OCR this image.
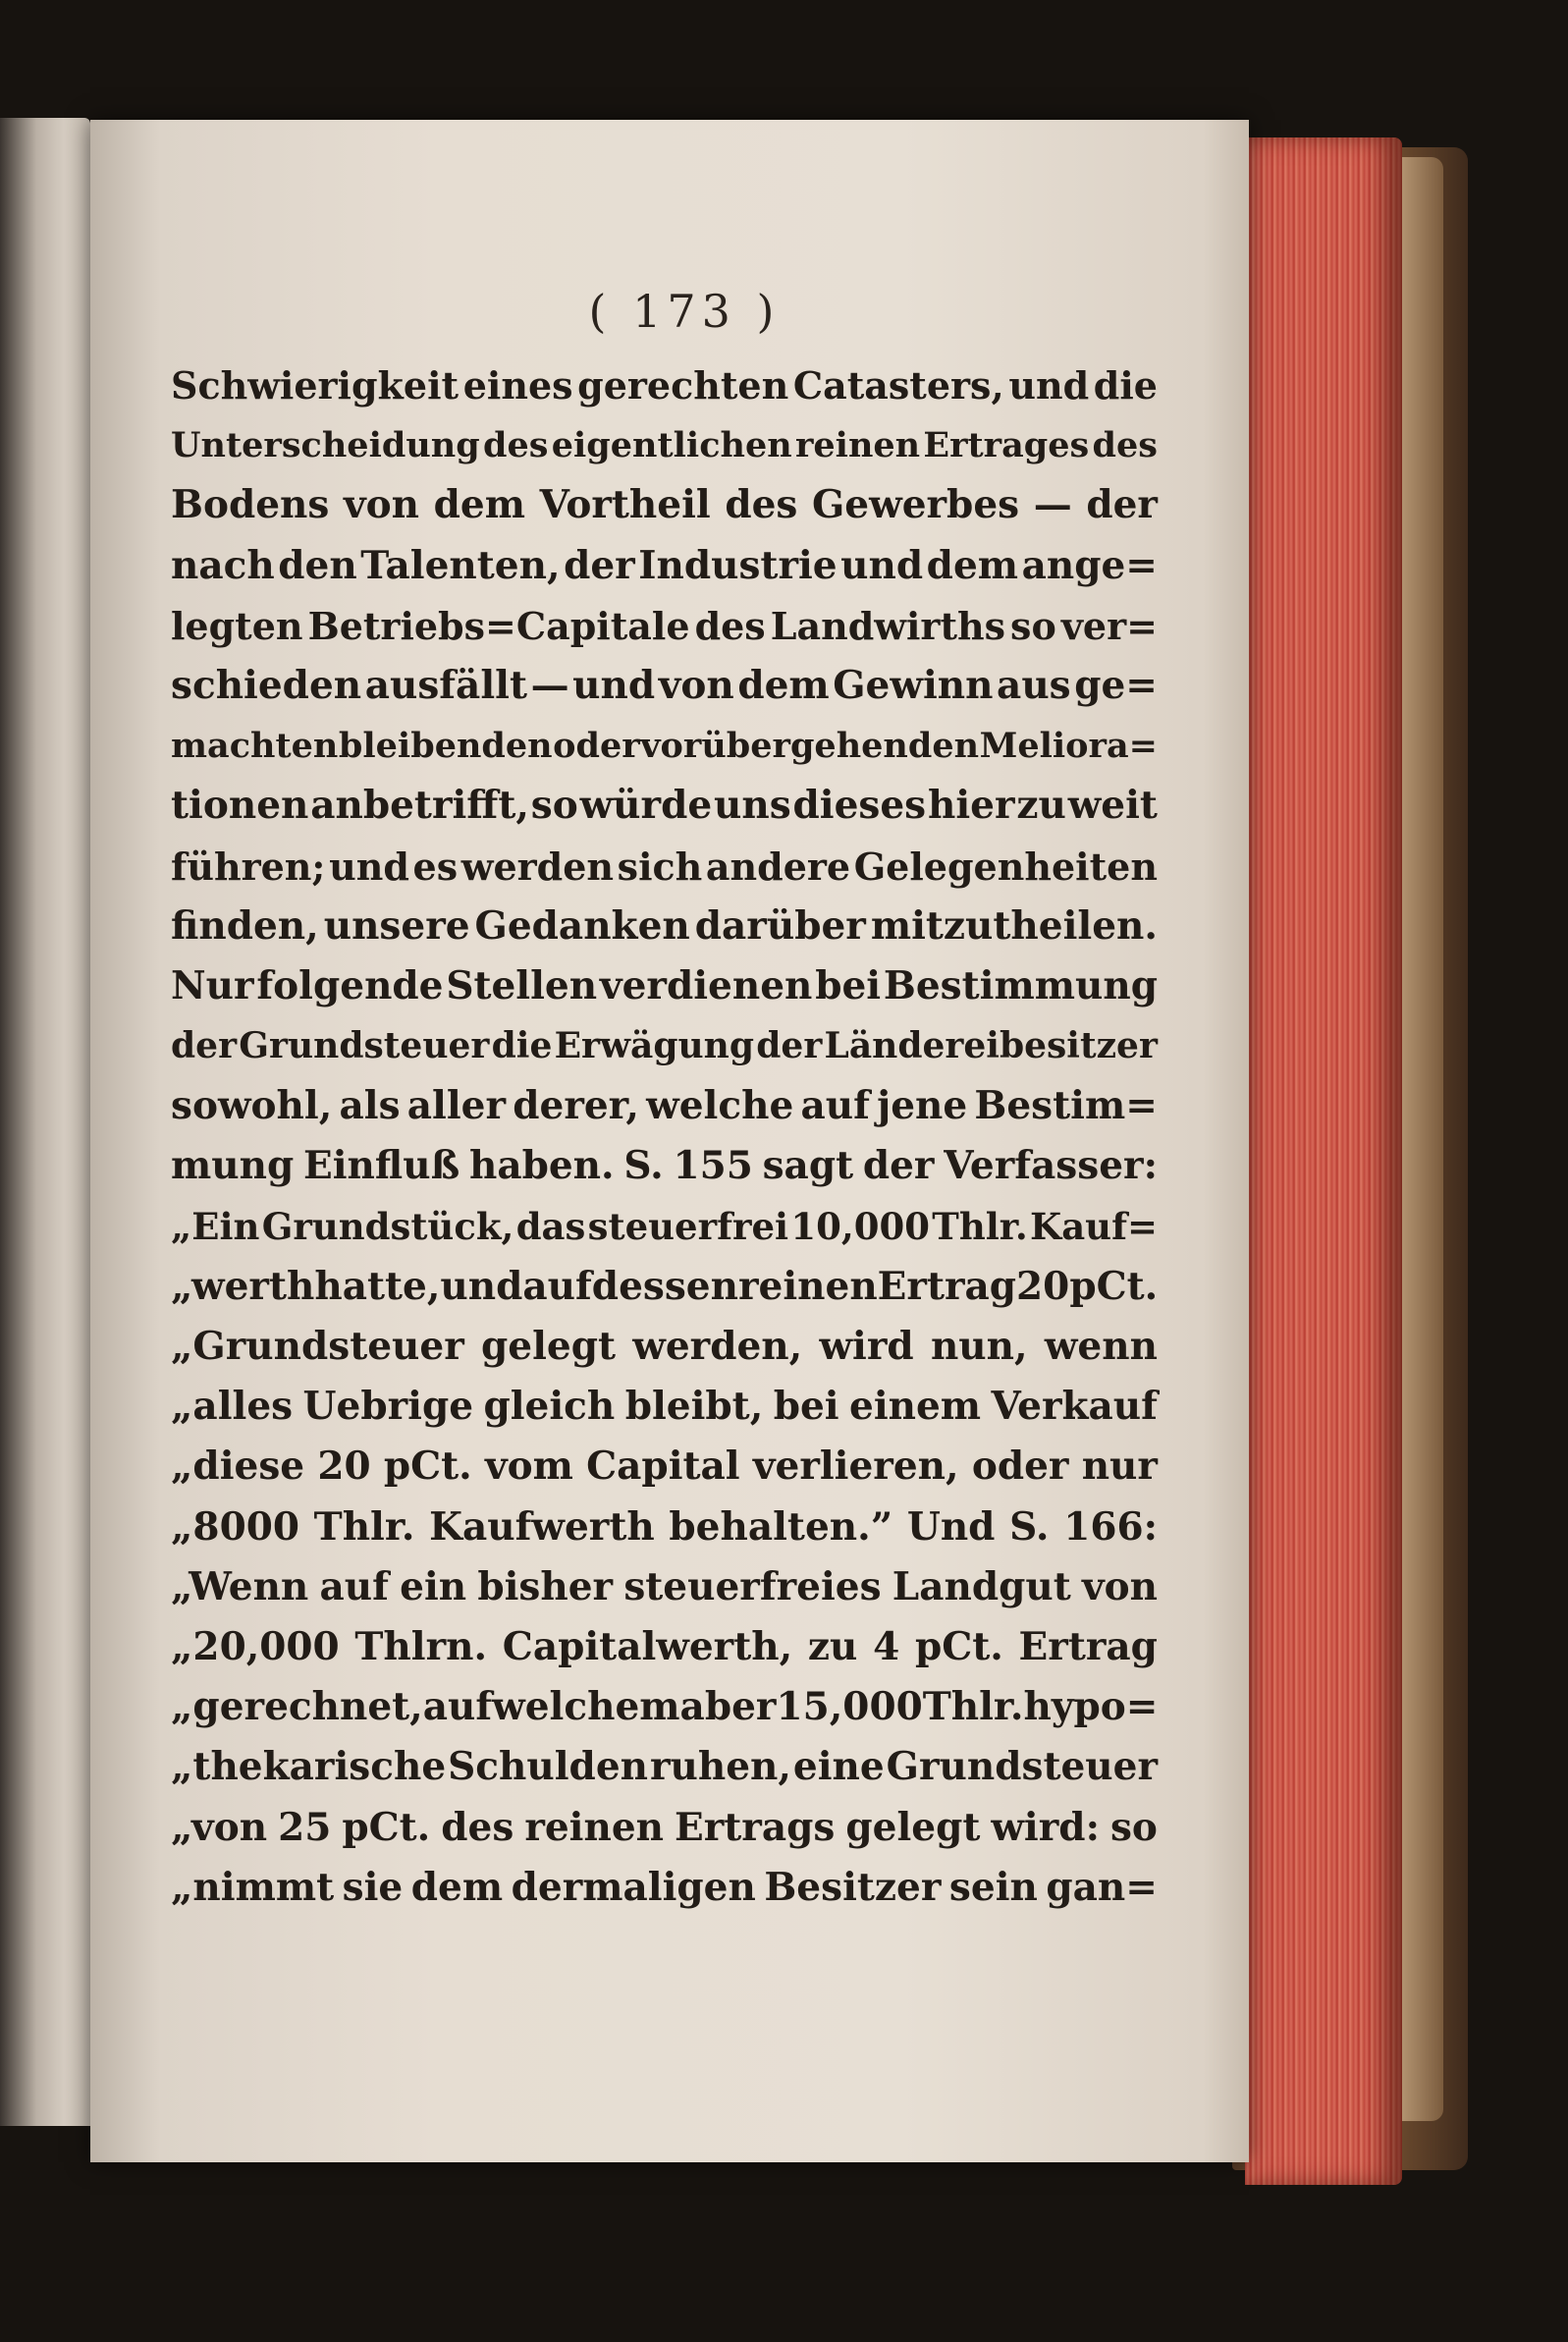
( 173 )
Schwierigkeit eines gerechten Catasters, und die
Unterscheidung des eigentlichen reinen Ertrages des
Bodens von dem Vortheil des Gewerbes — der
nach den Talenten, der Industrie und dem ange=
legten Betriebs=Capitale des Landwirths so ver=
schieden ausfällt — und von dem Gewinn aus ge=
machten bleibenden oder vorübergehenden Meliora=
tionen anbetrifft, so würde uns dieses hier zu weit
führen; und es werden sich andere Gelegenheiten
finden, unsere Gedanken darüber mitzutheilen.
Nur folgende Stellen verdienen bei Bestimmung
der Grundsteuer die Erwägung der Ländereibesitzer
sowohl, als aller derer, welche auf jene Bestim=
mung Einfluß haben. S. 155 sagt der Verfasser:
„Ein Grundstück, das steuerfrei 10,000 Thlr. Kauf=
„werth hatte, und auf dessen reinen Ertrag 20 pCt.
„Grundsteuer gelegt werden, wird nun, wenn
„alles Uebrige gleich bleibt, bei einem Verkauf
„diese 20 pCt. vom Capital verlieren, oder nur
„8000 Thlr. Kaufwerth behalten.” Und S. 166:
„Wenn auf ein bisher steuerfreies Landgut von
„20,000 Thlrn. Capitalwerth, zu 4 pCt. Ertrag
„gerechnet, auf welchem aber 15,000 Thlr. hypo=
„thekarische Schulden ruhen, eine Grundsteuer
„von 25 pCt. des reinen Ertrags gelegt wird: so
„nimmt sie dem dermaligen Besitzer sein gan=
